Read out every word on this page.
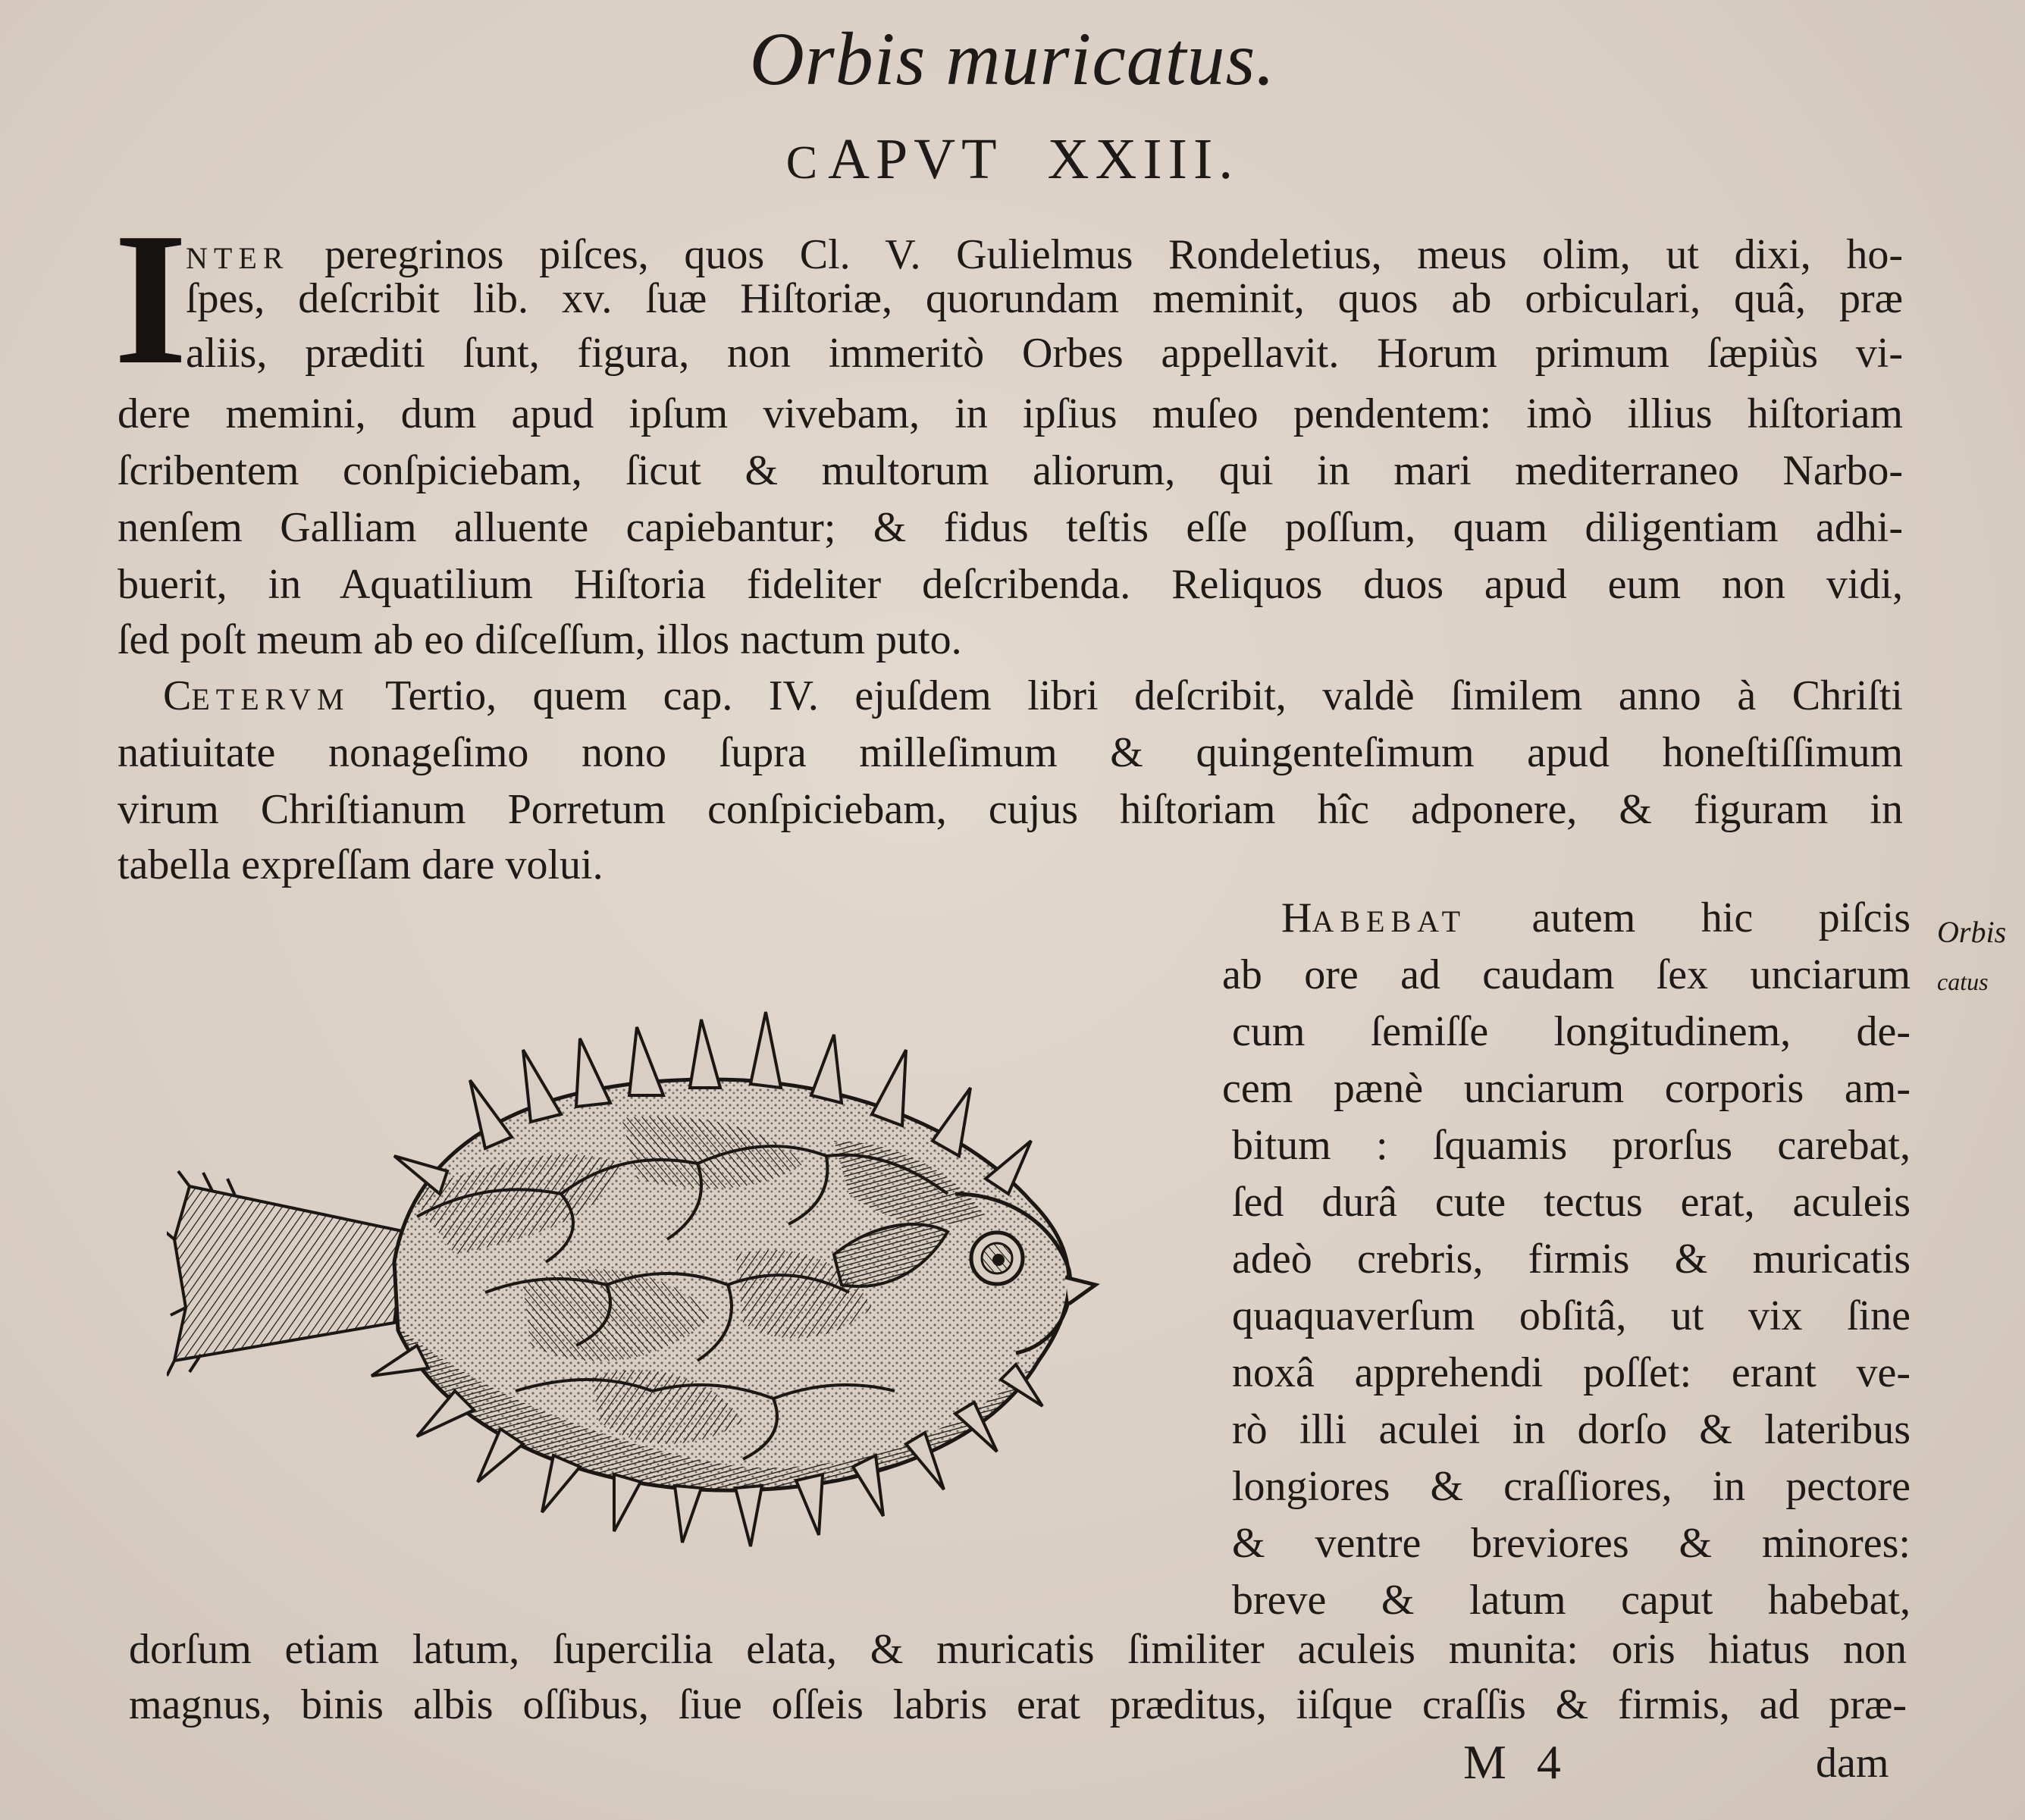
Orbis muricatus.
CAPVT XXIII.
I

NTER peregrinos piſces, quos Cl. V. Gulielmus Rondeletius, meus olim, ut dixi, ho-

ſpes, deſcribit lib. xv. ſuæ Hiſtoriæ, quorundam meminit, quos ab orbiculari, quâ, præ

aliis, præditi ſunt, figura, non immeritò Orbes appellavit. Horum primum ſæpiùs vi-

dere memini, dum apud ipſum vivebam, in ipſius muſeo pendentem: imò illius hiſtoriam

ſcribentem conſpiciebam, ſicut & multorum aliorum, qui in mari mediterraneo Narbo-

nenſem Galliam alluente capiebantur; & fidus teſtis eſſe poſſum, quam diligentiam adhi-

buerit, in Aquatilium Hiſtoria fideliter deſcribenda. Reliquos duos apud eum non vidi,

ſed poſt meum ab eo diſceſſum, illos nactum puto.

CETERVM Tertio, quem cap. IV. ejuſdem libri deſcribit, valdè ſimilem anno à Chriſti

natiuitate nonageſimo nono ſupra milleſimum & quingenteſimum apud honeſtiſſimum

virum Chriſtianum Porretum conſpiciebam, cujus hiſtoriam hîc adponere, & figuram in

tabella expreſſam dare volui.

HABEBAT autem hic piſcis

ab ore ad caudam ſex unciarum

cum ſemiſſe longitudinem, de-

cem pænè unciarum corporis am-

bitum : ſquamis prorſus carebat,

ſed durâ cute tectus erat, aculeis

adeò crebris, firmis & muricatis

quaquaverſum obſitâ, ut vix ſine

noxâ apprehendi poſſet: erant ve-

rò illi aculei in dorſo & lateribus

longiores & craſſiores, in pectore

& ventre breviores & minores:

breve & latum caput habebat,

dorſum etiam latum, ſupercilia elata, & muricatis ſimiliter aculeis munita: oris hiatus non

magnus, binis albis oſſibus, ſiue oſſeis labris erat præditus, iiſque craſſis & firmis, ad præ-

Orbis
catus
M 4	dam
